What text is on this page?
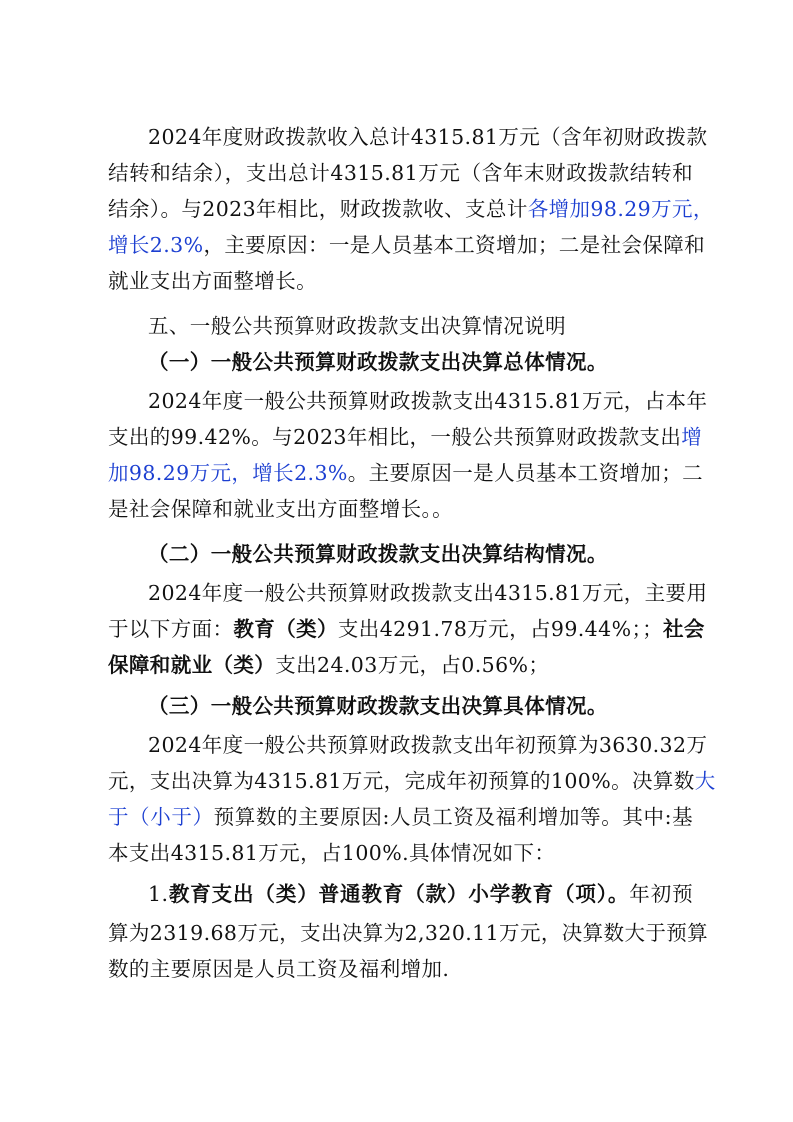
2024年度财政拨款收入总计4315.81万元（含年初财政拨款
结转和结余），支出总计4315.81万元（含年末财政拨款结转和
结余）。与2023年相比，财政拨款收、支总计各增加98.29万元，
增长2.3%，主要原因：一是人员基本工资增加；二是社会保障和
就业支出方面整增长。
五、一般公共预算财政拨款支出决算情况说明
（一）一般公共预算财政拨款支出决算总体情况。
2024年度一般公共预算财政拨款支出4315.81万元，占本年
支出的99.42%。与2023年相比，一般公共预算财政拨款支出增
加98.29万元，增长2.3%。主要原因一是人员基本工资增加；二
是社会保障和就业支出方面整增长。。
（二）一般公共预算财政拨款支出决算结构情况。
2024年度一般公共预算财政拨款支出4315.81万元，主要用
于以下方面：教育（类）支出4291.78万元，占99.44%；；社会
保障和就业（类）支出24.03万元，占0.56%；
（三）一般公共预算财政拨款支出决算具体情况。
2024年度一般公共预算财政拨款支出年初预算为3630.32万
元，支出决算为4315.81万元，完成年初预算的100%。决算数大
于（小于）预算数的主要原因:人员工资及福利增加等。其中:基
本支出4315.81万元，占100%.具体情况如下：
1.教育支出（类）普通教育（款）小学教育（项）。年初预
算为2319.68万元，支出决算为2,320.11万元，决算数大于预算
数的主要原因是人员工资及福利增加.
